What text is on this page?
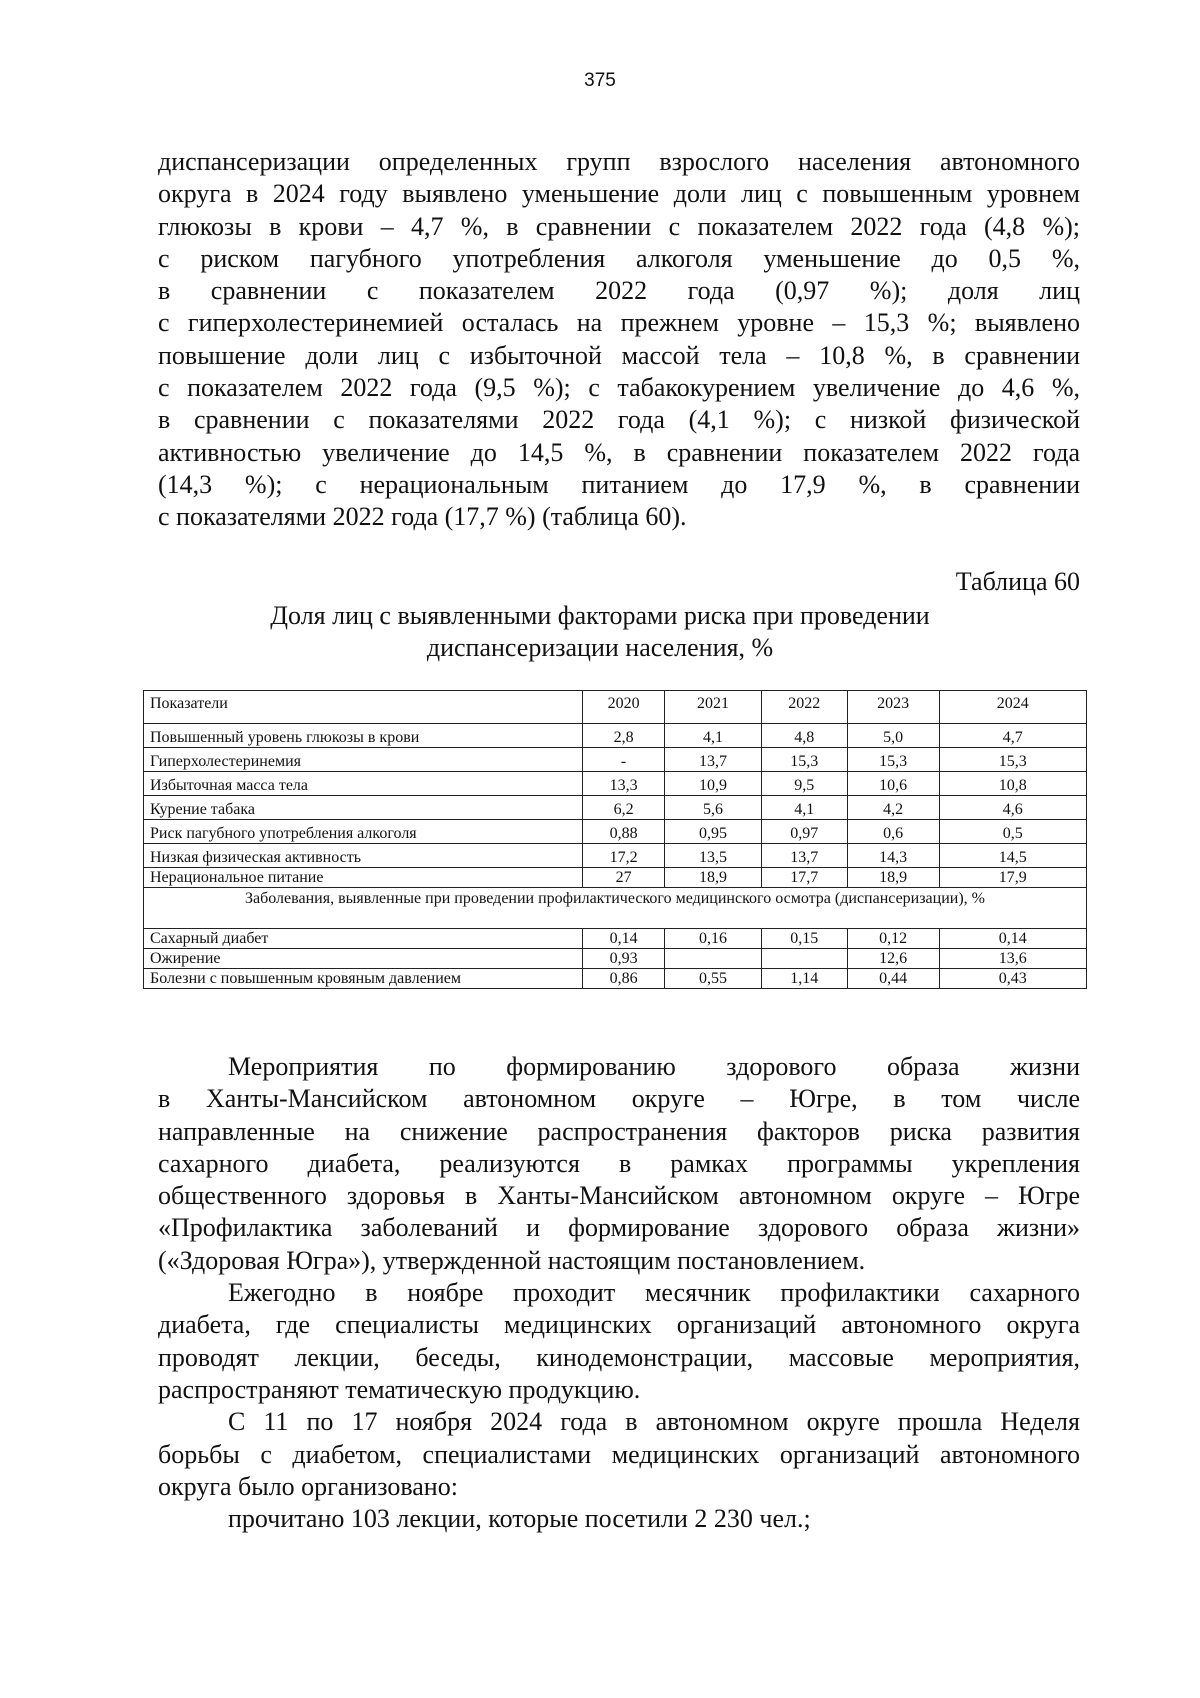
375
диспансеризации определенных групп взрослого населения автономного
округа в 2024 году выявлено уменьшение доли лиц с повышенным уровнем
глюкозы в крови – 4,7 %, в сравнении с показателем 2022 года (4,8 %);
с риском пагубного употребления алкоголя уменьшение до 0,5 %,
в сравнении с показателем 2022 года (0,97 %); доля лиц
с гиперхолестеринемией осталась на прежнем уровне – 15,3 %; выявлено
повышение доли лиц с избыточной массой тела – 10,8 %, в сравнении
с показателем 2022 года (9,5 %); с табакокурением увеличение до 4,6 %,
в сравнении с показателями 2022 года (4,1 %); с низкой физической
активностью увеличение до 14,5 %, в сравнении показателем 2022 года
(14,3 %); с нерациональным питанием до 17,9 %, в сравнении
с показателями 2022 года (17,7 %) (таблица 60).
Таблица 60
Доля лиц с выявленными факторами риска при проведении
диспансеризации населения, %
Показатели	2020	2021	2022	2023	2024
Повышенный уровень глюкозы в крови	2,8	4,1	4,8	5,0	4,7
Гиперхолестеринемия	-	13,7	15,3	15,3	15,3
Избыточная масса тела	13,3	10,9	9,5	10,6	10,8
Курение табака	6,2	5,6	4,1	4,2	4,6
Риск пагубного употребления алкоголя	0,88	0,95	0,97	0,6	0,5
Низкая физическая активность	17,2	13,5	13,7	14,3	14,5
Нерациональное питание	27	18,9	17,7	18,9	17,9
Заболевания, выявленные при проведении профилактического медицинского осмотра (диспансеризации), %					
Сахарный диабет	0,14	0,16	0,15	0,12	0,14
Ожирение	0,93			12,6	13,6
Болезни с повышенным кровяным давлением	0,86	0,55	1,14	0,44	0,43
Мероприятия по формированию здорового образа жизни
в Ханты-Мансийском автономном округе – Югре, в том числе
направленные на снижение распространения факторов риска развития
сахарного диабета, реализуются в рамках программы укрепления
общественного здоровья в Ханты-Мансийском автономном округе – Югре
«Профилактика заболеваний и формирование здорового образа жизни»
(«Здоровая Югра»), утвержденной настоящим постановлением.
Ежегодно в ноябре проходит месячник профилактики сахарного
диабета, где специалисты медицинских организаций автономного округа
проводят лекции, беседы, кинодемонстрации, массовые мероприятия,
распространяют тематическую продукцию.
С 11 по 17 ноября 2024 года в автономном округе прошла Неделя
борьбы с диабетом, специалистами медицинских организаций автономного
округа было организовано:
прочитано 103 лекции, которые посетили 2 230 чел.;
